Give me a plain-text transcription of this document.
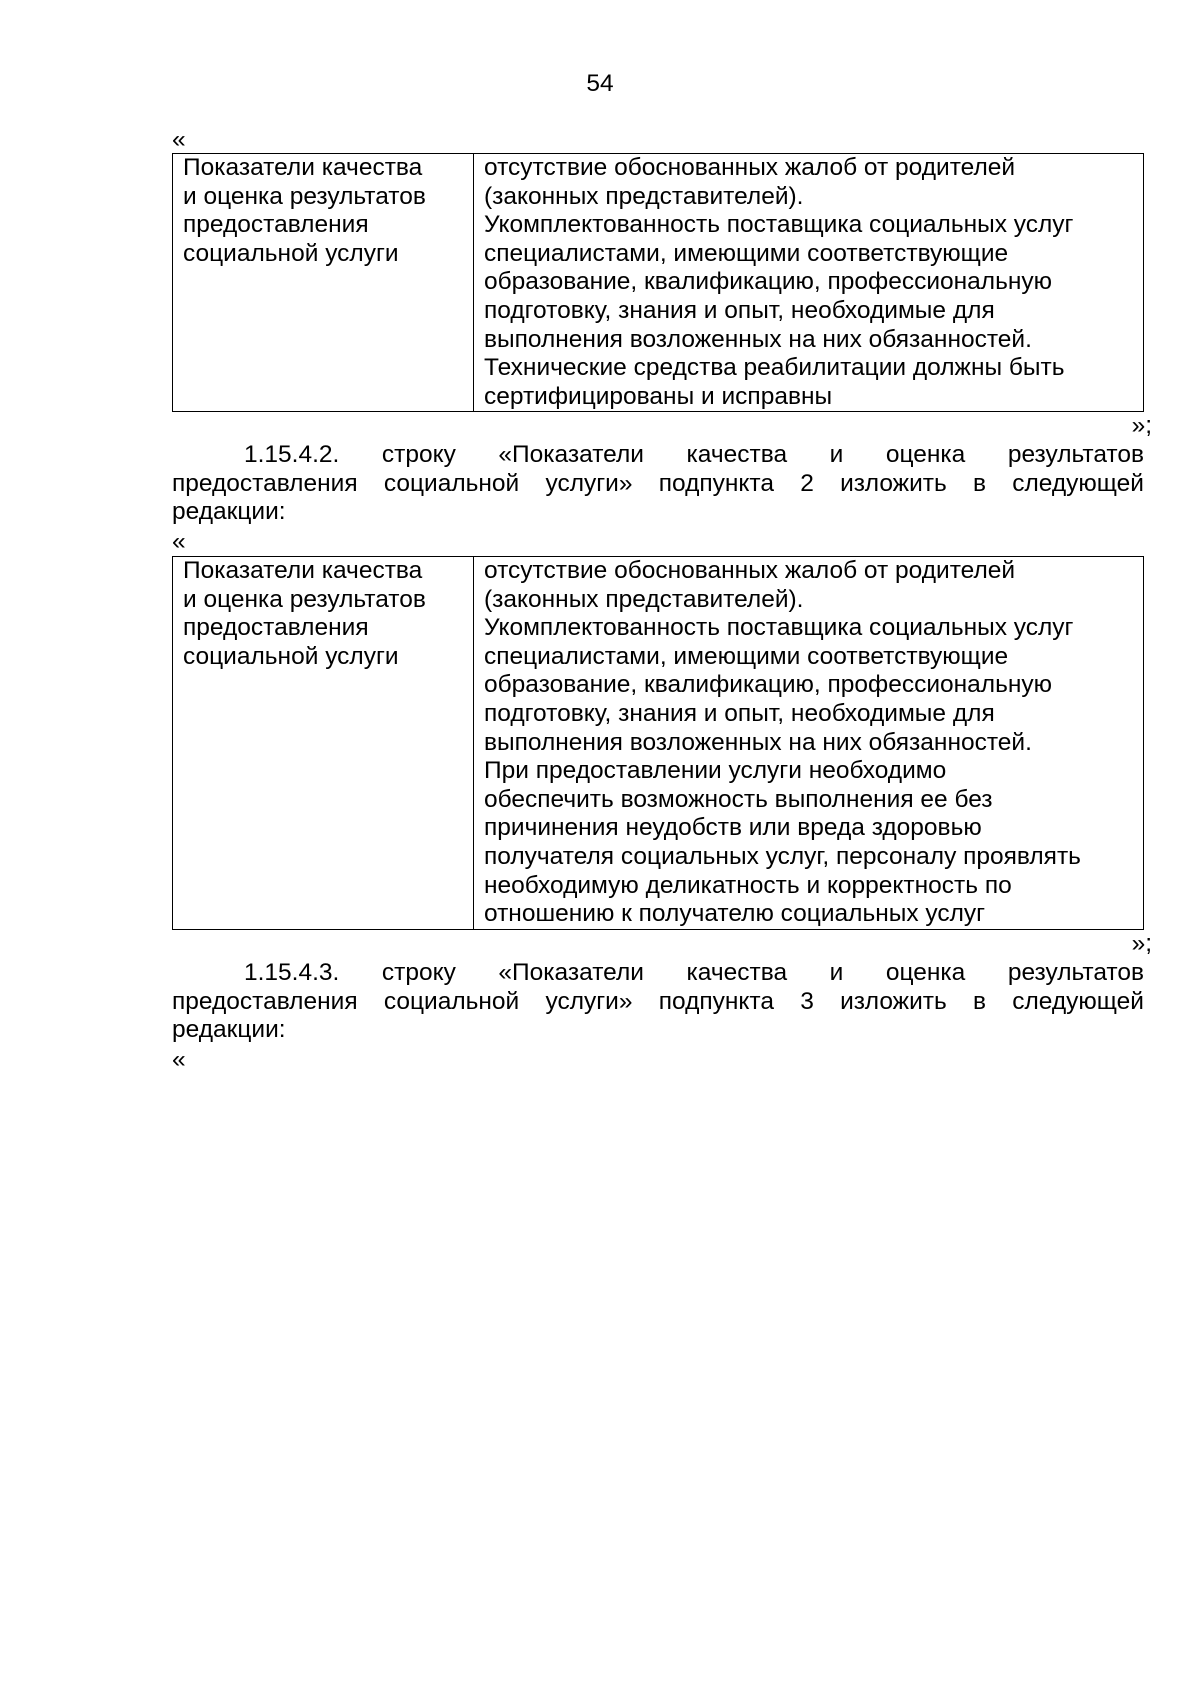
54
«
Показатели качества
и оценка результатов
предоставления
социальной услуги

отсутствие обоснованных жалоб от родителей
(законных представителей).
Укомплектованность поставщика социальных услуг
специалистами, имеющими соответствующие
образование, квалификацию, профессиональную
подготовку, знания и опыт, необходимые для
выполнения возложенных на них обязанностей.
Технические средства реабилитации должны быть
сертифицированы и исправны
»;
1.15.4.2. строку «Показатели качества и оценка результатов
предоставления социальной услуги» подпункта 2 изложить в следующей
редакции:
«
Показатели качества
и оценка результатов
предоставления
социальной услуги

отсутствие обоснованных жалоб от родителей
(законных представителей).
Укомплектованность поставщика социальных услуг
специалистами, имеющими соответствующие
образование, квалификацию, профессиональную
подготовку, знания и опыт, необходимые для
выполнения возложенных на них обязанностей.
При предоставлении услуги необходимо
обеспечить возможность выполнения ее без
причинения неудобств или вреда здоровью
получателя социальных услуг, персоналу проявлять
необходимую деликатность и корректность по
отношению к получателю социальных услуг
»;
1.15.4.3. строку «Показатели качества и оценка результатов
предоставления социальной услуги» подпункта 3 изложить в следующей
редакции:
«
